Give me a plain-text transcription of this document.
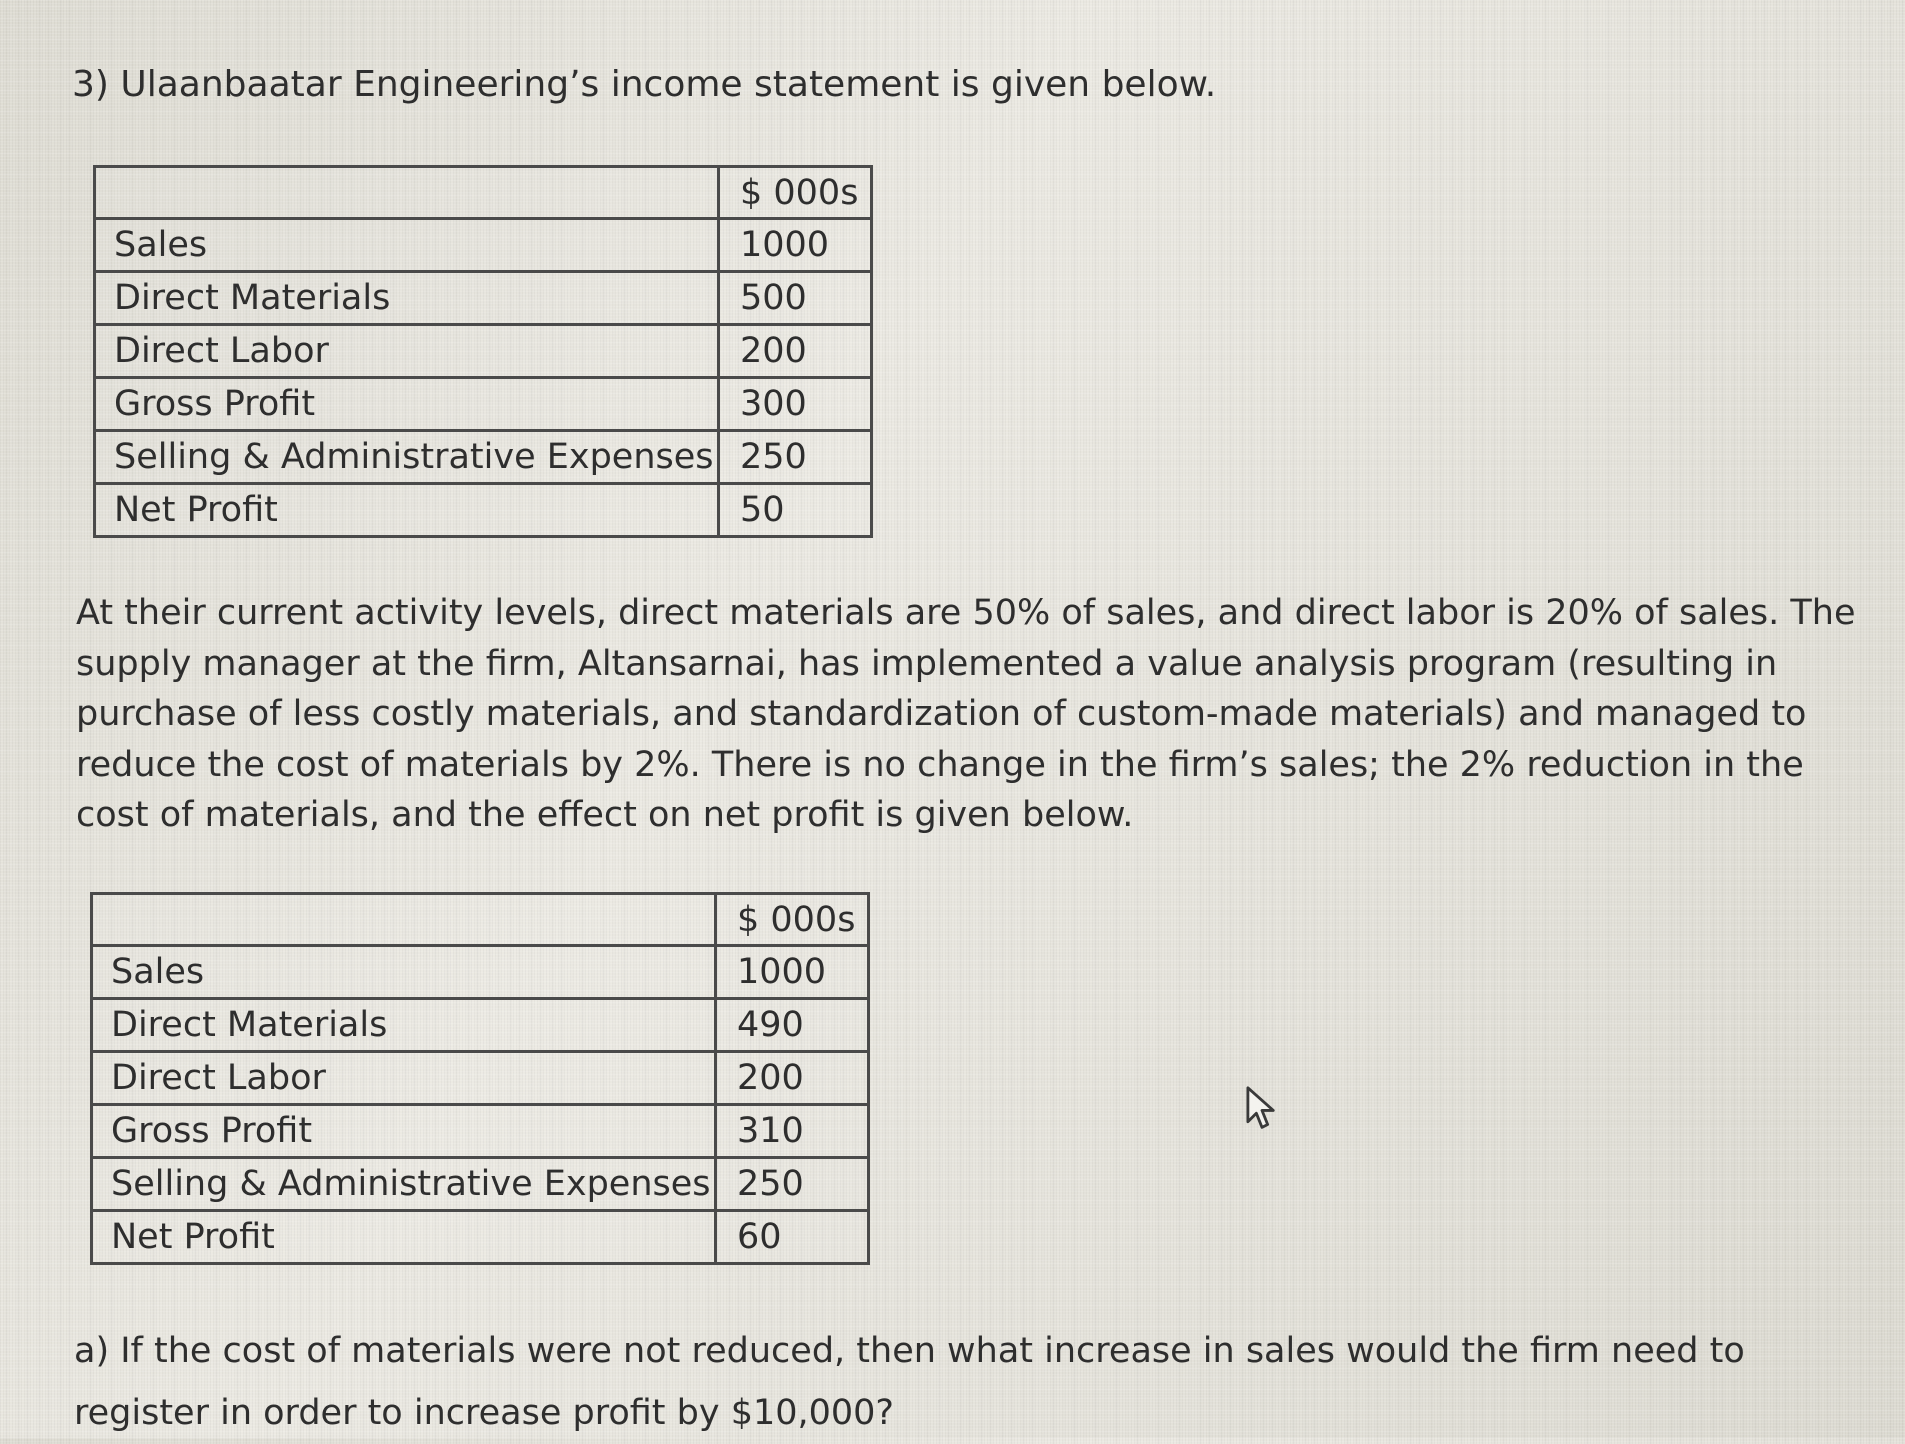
3) Ulaanbaatar Engineering’s income statement is given below.
	$ 000s
Sales	1000
Direct Materials	500
Direct Labor	200
Gross Profit	300
Selling & Administrative Expenses	250
Net Profit	50

At their current activity levels, direct materials are 50% of sales, and direct labor is 20% of sales. The supply manager at the firm, Altansarnai, has implemented a value analysis program (resulting in purchase of less costly materials, and standardization of custom-made materials) and managed to reduce the cost of materials by 2%. There is no change in the firm’s sales; the 2% reduction in the cost of materials, and the effect on net profit is given below.

	$ 000s
Sales	1000
Direct Materials	490
Direct Labor	200
Gross Profit	310
Selling & Administrative Expenses	250
Net Profit	60

a) If the cost of materials were not reduced, then what increase in sales would the firm need to register in order to increase profit by $10,000?
